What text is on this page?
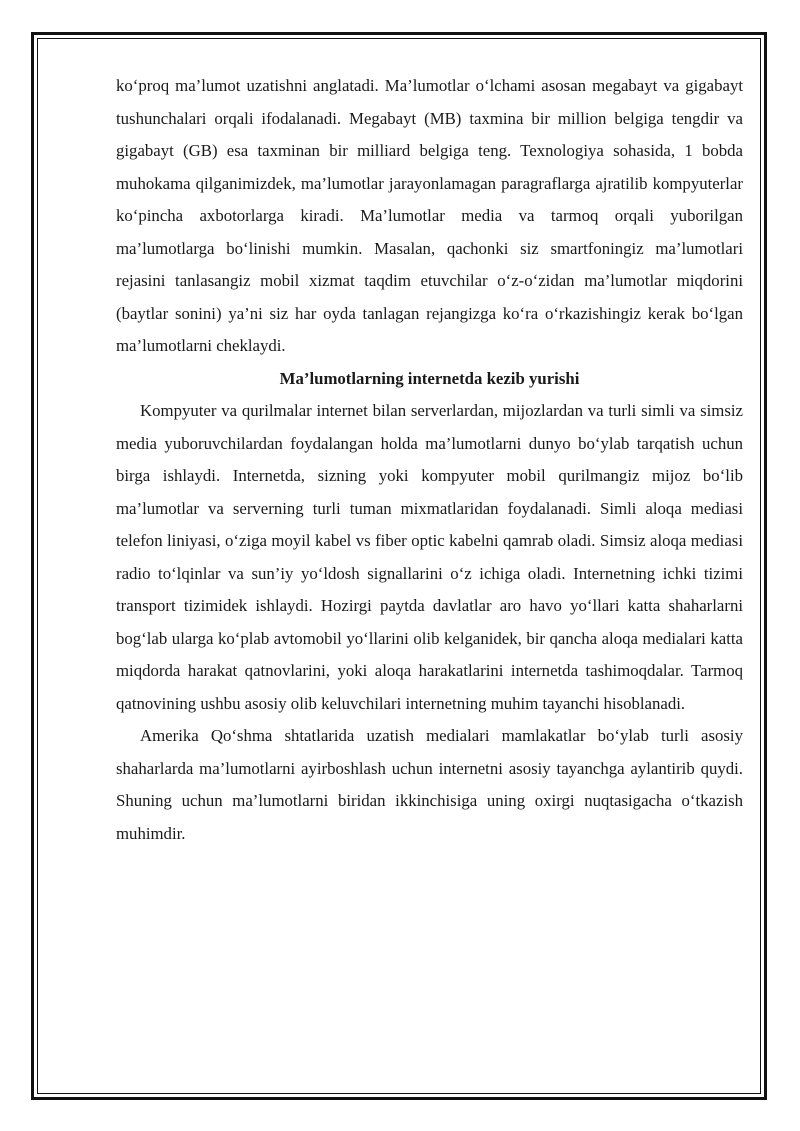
ko‘proq ma’lumot uzatishni anglatadi. Ma’lumotlar o‘lchami asosan megabayt va gigabayt tushunchalari orqali ifodalanadi. Megabayt (MB) taxmina bir million belgiga tengdir va gigabayt (GB) esa taxminan bir milliard belgiga teng. Texnologiya sohasida, 1 bobda muhokama qilganimizdek, ma’lumotlar jarayonlamagan paragraflarga ajratilib kompyuterlar ko‘pincha axbotorlarga kiradi. Ma’lumotlar media va tarmoq orqali yuborilgan ma’lumotlarga bo‘linishi mumkin. Masalan, qachonki siz smartfoningiz ma’lumotlari rejasini tanlasangiz mobil xizmat taqdim etuvchilar o‘z-o‘zidan ma’lumotlar miqdorini (baytlar sonini) ya’ni siz har oyda tanlagan rejangizga ko‘ra o‘rkazishingiz kerak bo‘lgan ma’lumotlarni cheklaydi.

Ma’lumotlarning internetda kezib yurishi

Kompyuter va qurilmalar internet bilan serverlardan, mijozlardan va turli simli va simsiz media yuboruvchilardan foydalangan holda ma’lumotlarni dunyo bo‘ylab tarqatish uchun birga ishlaydi. Internetda, sizning yoki kompyuter mobil qurilmangiz mijoz bo‘lib ma’lumotlar va serverning turli tuman mixmatlaridan foydalanadi. Simli aloqa mediasi telefon liniyasi, o‘ziga moyil kabel vs fiber optic kabelni qamrab oladi. Simsiz aloqa mediasi radio to‘lqinlar va sun’iy yo‘ldosh signallarini o‘z ichiga oladi. Internetning ichki tizimi transport tizimidek ishlaydi. Hozirgi paytda davlatlar aro havo yo‘llari katta shaharlarni bog‘lab ularga ko‘plab avtomobil yo‘llarini olib kelganidek, bir qancha aloqa medialari katta miqdorda harakat qatnovlarini, yoki aloqa harakatlarini internetda tashimoqdalar. Tarmoq qatnovining ushbu asosiy olib keluvchilari internetning muhim tayanchi hisoblanadi.

Amerika Qo‘shma shtatlarida uzatish medialari mamlakatlar bo‘ylab turli asosiy shaharlarda ma’lumotlarni ayirboshlash uchun internetni asosiy tayanchga aylantirib quydi. Shuning uchun ma’lumotlarni biridan ikkinchisiga uning oxirgi nuqtasigacha o‘tkazish muhimdir.
